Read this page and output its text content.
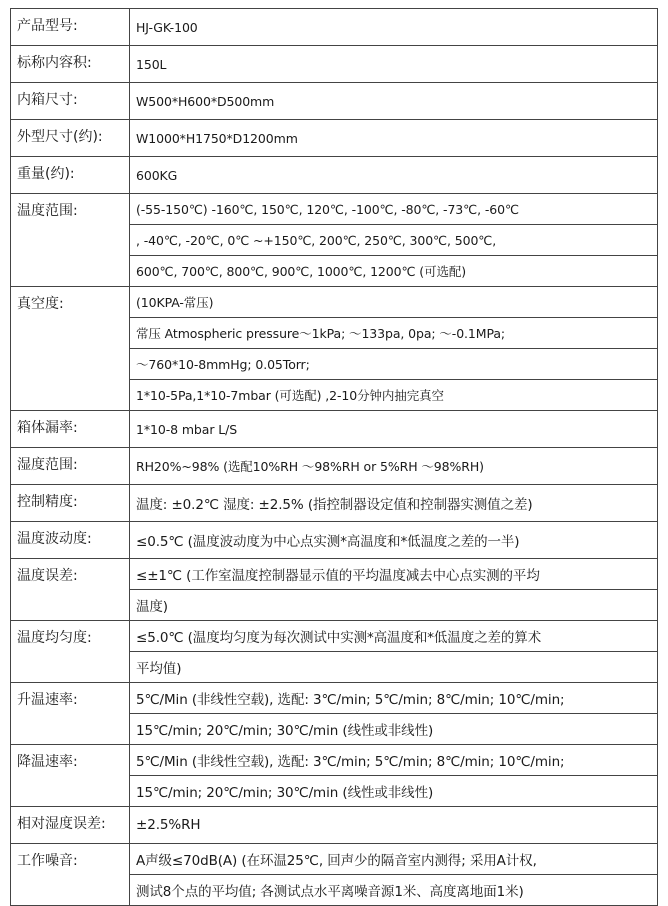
产品型号:	HJ-GK-100
标称内容积:	150L
内箱尺寸:	W500*H600*D500mm
外型尺寸(约):	W1000*H1750*D1200mm
重量(约):	600KG
温度范围:	(-55-150℃) -160℃, 150℃, 120℃, -100℃, -80℃, -73℃, -60℃
	, -40℃, -20℃, 0℃ ~+150℃, 200℃, 250℃, 300℃, 500℃,
	600℃, 700℃, 800℃, 900℃, 1000℃, 1200℃ (可选配)
真空度:	(10KPA-常压)
	常压 Atmospheric pressure～1kPa; ～133pa, 0pa; ～-0.1MPa;
	～760*10-8mmHg; 0.05Torr;
	1*10-5Pa,1*10-7mbar (可选配) ,2-10分钟内抽完真空
箱体漏率:	1*10-8 mbar L/S
湿度范围:	RH20%~98% (选配10%RH ～98%RH or 5%RH ～98%RH)
控制精度:	温度: ±0.2℃ 湿度: ±2.5% (指控制器设定值和控制器实测值之差)
温度波动度:	≤0.5℃ (温度波动度为中心点实测*高温度和*低温度之差的一半)
温度误差:	≤±1℃ (工作室温度控制器显示值的平均温度减去中心点实测的平均
	温度)
温度均匀度:	≤5.0℃ (温度均匀度为每次测试中实测*高温度和*低温度之差的算术
	平均值)
升温速率:	5℃/Min (非线性空载), 选配: 3℃/min; 5℃/min; 8℃/min; 10℃/min;
	15℃/min; 20℃/min; 30℃/min (线性或非线性)
降温速率:	5℃/Min (非线性空载), 选配: 3℃/min; 5℃/min; 8℃/min; 10℃/min;
	15℃/min; 20℃/min; 30℃/min (线性或非线性)
相对湿度误差:	±2.5%RH
工作噪音:	A声级≤70dB(A) (在环温25℃, 回声少的隔音室内测得; 采用A计权,
	测试8个点的平均值; 各测试点水平离噪音源1米、高度离地面1米)
